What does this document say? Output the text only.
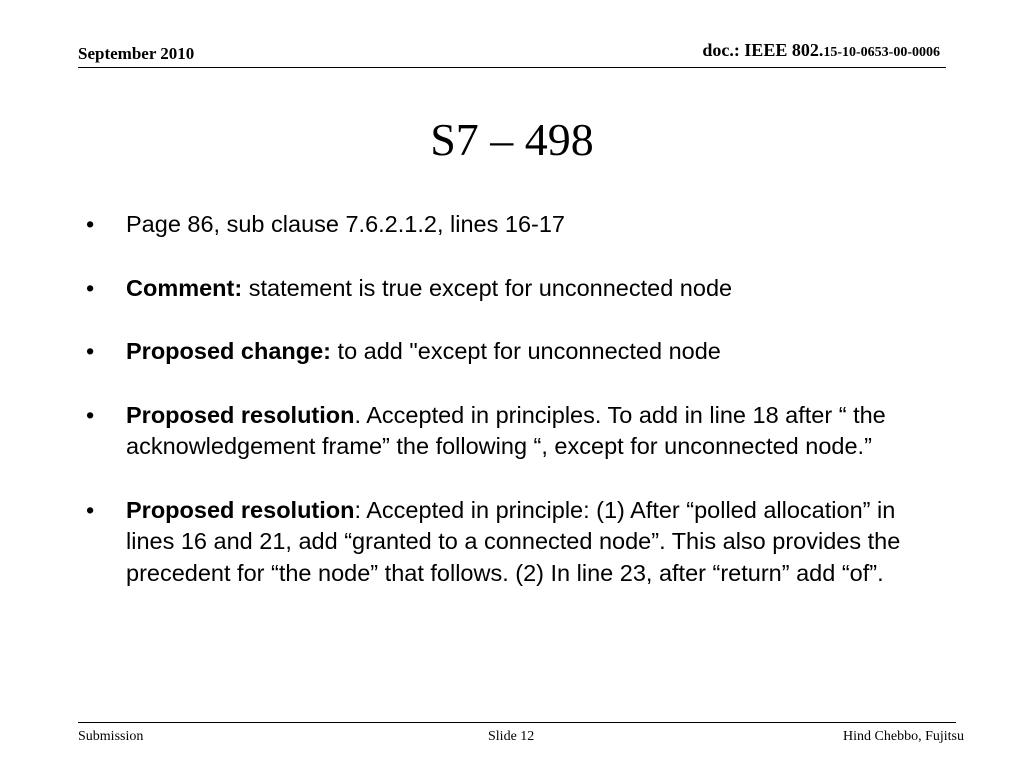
September 2010	doc.: IEEE 802.15-10-0653-00-0006
S7 – 498
•	Page 86, sub clause 7.6.2.1.2, lines 16-17
•	Comment: statement is true except for unconnected node
•	Proposed change: to add "except for unconnected node
•	Proposed resolution. Accepted in principles. To add in line 18 after “ the acknowledgement frame” the following “, except for unconnected node.”
•	Proposed resolution: Accepted in principle: (1) After “polled allocation” in lines 16 and 21, add “granted to a connected node”. This also provides the precedent for “the node” that follows. (2) In line 23, after “return” add “of”.
Submission	Slide 12	Hind Chebbo, Fujitsu
